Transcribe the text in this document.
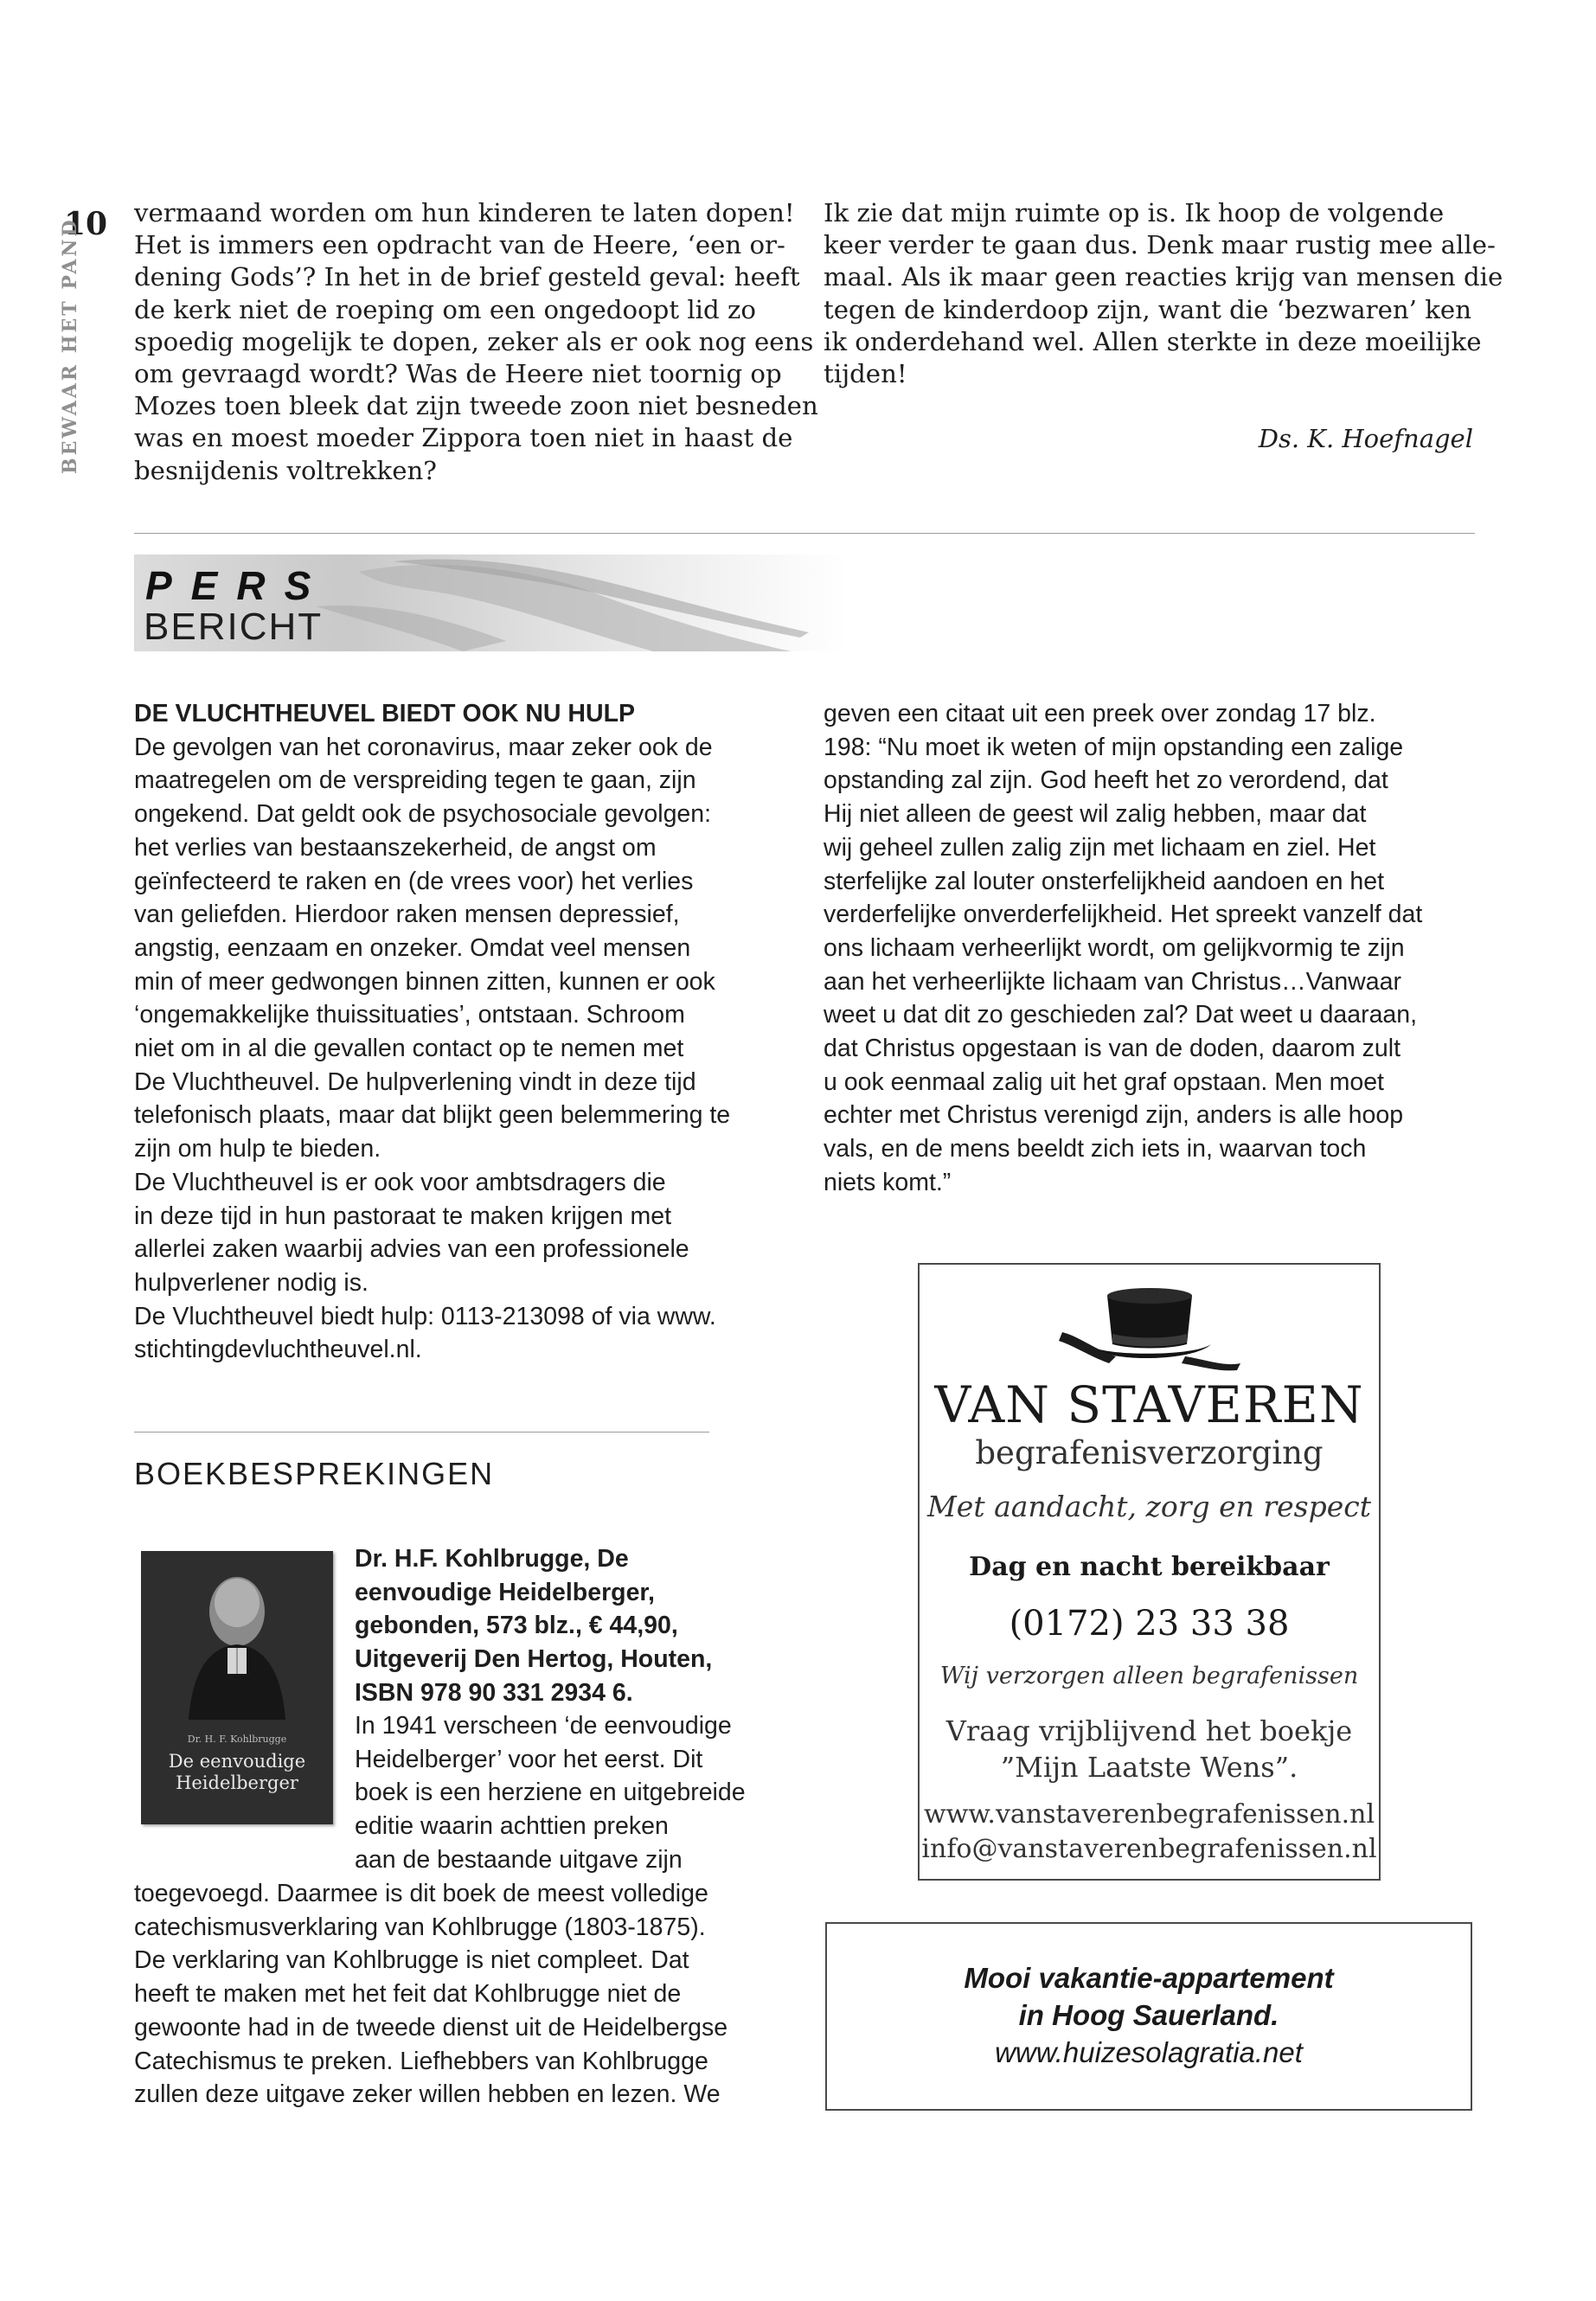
10
BEWAAR HET PAND

vermaand worden om hun kinderen te laten dopen!

Het is immers een opdracht van de Heere, ‘een or-

dening Gods’? In het in de brief gesteld geval: heeft

de kerk niet de roeping om een ongedoopt lid zo

spoedig mogelijk te dopen, zeker als er ook nog eens

om gevraagd wordt? Was de Heere niet toornig op

Mozes toen bleek dat zijn tweede zoon niet besneden

was en moest moeder Zippora toen niet in haast de

besnijdenis voltrekken?

Ik zie dat mijn ruimte op is. Ik hoop de volgende

keer verder te gaan dus. Denk maar rustig mee alle-

maal. Als ik maar geen reacties krijg van mensen die

tegen de kinderdoop zijn, want die ‘bezwaren’ ken

ik onderdehand wel. Allen sterkte in deze moeilijke

tijden!

Ds. K. Hoefnagel
PERS
BERICHT

DE VLUCHTHEUVEL BIEDT OOK NU HULP

De gevolgen van het coronavirus, maar zeker ook de

maatregelen om de verspreiding tegen te gaan, zijn

ongekend. Dat geldt ook de psychosociale gevolgen:

het verlies van bestaanszekerheid, de angst om

geïnfecteerd te raken en (de vrees voor) het verlies

van geliefden. Hierdoor raken mensen depressief,

angstig, eenzaam en onzeker. Omdat veel mensen

min of meer gedwongen binnen zitten, kunnen er ook

‘ongemakkelijke thuissituaties’, ontstaan. Schroom

niet om in al die gevallen contact op te nemen met

De Vluchtheuvel. De hulpverlening vindt in deze tijd

telefonisch plaats, maar dat blijkt geen belemmering te

zijn om hulp te bieden.

De Vluchtheuvel is er ook voor ambtsdragers die

in deze tijd in hun pastoraat te maken krijgen met

allerlei zaken waarbij advies van een professionele

hulpverlener nodig is.

De Vluchtheuvel biedt hulp: 0113-213098 of via www.

stichtingdevluchtheuvel.nl.

geven een citaat uit een preek over zondag 17 blz.

198: “Nu moet ik weten of mijn opstanding een zalige

opstanding zal zijn. God heeft het zo verordend, dat

Hij niet alleen de geest wil zalig hebben, maar dat

wij geheel zullen zalig zijn met lichaam en ziel. Het

sterfelijke zal louter onsterfelijkheid aandoen en het

verderfelijke onverderfelijkheid. Het spreekt vanzelf dat

ons lichaam verheerlijkt wordt, om gelijkvormig te zijn

aan het verheerlijkte lichaam van Christus…Vanwaar

weet u dat dit zo geschieden zal? Dat weet u daaraan,

dat Christus opgestaan is van de doden, daarom zult

u ook eenmaal zalig uit het graf opstaan. Men moet

echter met Christus verenigd zijn, anders is alle hoop

vals, en de mens beeldt zich iets in, waarvan toch

niets komt.”

BOEKBESPREKINGEN
Dr. H. F. Kohlbrugge
De eenvoudige
Heidelberger

Dr. H.F. Kohlbrugge, De

eenvoudige Heidelberger,

gebonden, 573 blz., € 44,90,

Uitgeverij Den Hertog, Houten,

ISBN 978 90 331 2934 6.

In 1941 verscheen ‘de eenvoudige

Heidelberger’ voor het eerst. Dit

boek is een herziene en uitgebreide

editie waarin achttien preken

aan de bestaande uitgave zijn

toegevoegd. Daarmee is dit boek de meest volledige

catechismusverklaring van Kohlbrugge (1803-1875).

De verklaring van Kohlbrugge is niet compleet. Dat

heeft te maken met het feit dat Kohlbrugge niet de

gewoonte had in de tweede dienst uit de Heidelbergse

Catechismus te preken. Liefhebbers van Kohlbrugge

zullen deze uitgave zeker willen hebben en lezen. We

VAN STAVEREN
begrafenisverzorging
Met aandacht, zorg en respect
Dag en nacht bereikbaar
(0172) 23 33 38
Wij verzorgen alleen begrafenissen
Vraag vrijblijvend het boekje
”Mijn Laatste Wens”.
www.vanstaverenbegrafenissen.nl
info@vanstaverenbegrafenissen.nl
Mooi vakantie-appartement
in Hoog Sauerland.
www.huizesolagratia.net
